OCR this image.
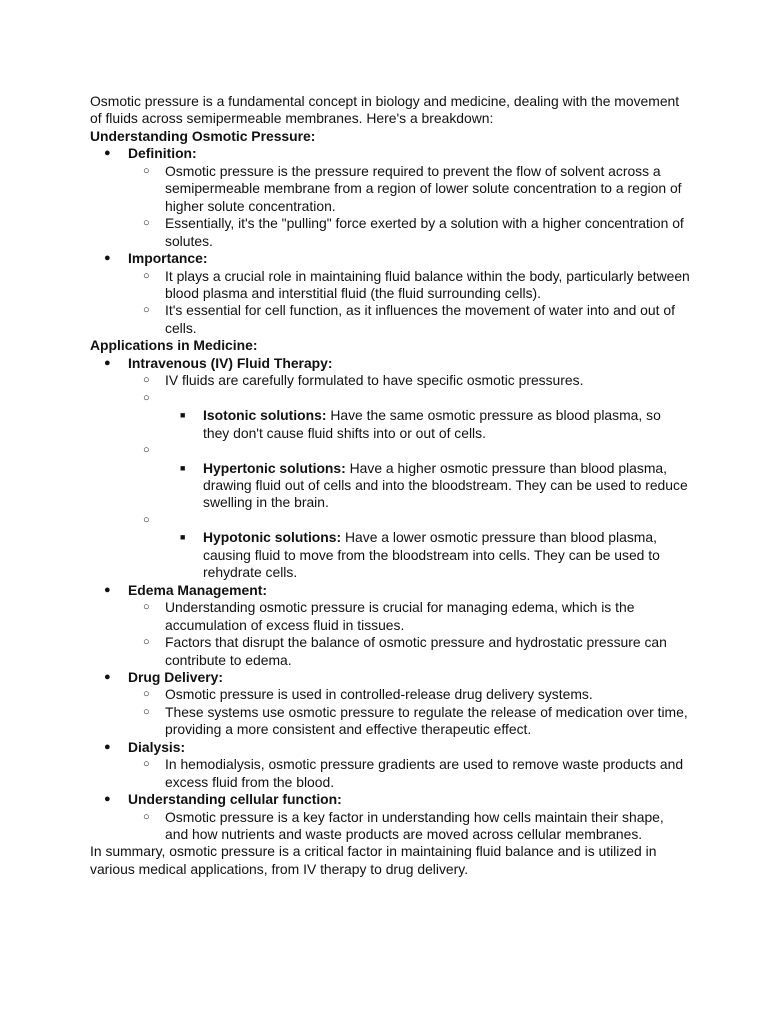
Osmotic pressure is a fundamental concept in biology and medicine, dealing with the movement of fluids across semipermeable membranes. Here's a breakdown:

Understanding Osmotic Pressure:

● Definition:
○ Osmotic pressure is the pressure required to prevent the flow of solvent across a semipermeable membrane from a region of lower solute concentration to a region of higher solute concentration.
○ Essentially, it's the "pulling" force exerted by a solution with a higher concentration of solutes.
● Importance:
○ It plays a crucial role in maintaining fluid balance within the body, particularly between blood plasma and interstitial fluid (the fluid surrounding cells).
○ It's essential for cell function, as it influences the movement of water into and out of cells.

Applications in Medicine:

● Intravenous (IV) Fluid Therapy:
○ IV fluids are carefully formulated to have specific osmotic pressures.
○

■ Isotonic solutions: Have the same osmotic pressure as blood plasma, so they don't cause fluid shifts into or out of cells.
○

■ Hypertonic solutions: Have a higher osmotic pressure than blood plasma, drawing fluid out of cells and into the bloodstream. They can be used to reduce swelling in the brain.
○

■ Hypotonic solutions: Have a lower osmotic pressure than blood plasma, causing fluid to move from the bloodstream into cells. They can be used to rehydrate cells.
● Edema Management:
○ Understanding osmotic pressure is crucial for managing edema, which is the accumulation of excess fluid in tissues.
○ Factors that disrupt the balance of osmotic pressure and hydrostatic pressure can contribute to edema.
● Drug Delivery:
○ Osmotic pressure is used in controlled-release drug delivery systems.
○ These systems use osmotic pressure to regulate the release of medication over time, providing a more consistent and effective therapeutic effect.
● Dialysis:
○ In hemodialysis, osmotic pressure gradients are used to remove waste products and excess fluid from the blood.
● Understanding cellular function:
○ Osmotic pressure is a key factor in understanding how cells maintain their shape, and how nutrients and waste products are moved across cellular membranes.

In summary, osmotic pressure is a critical factor in maintaining fluid balance and is utilized in various medical applications, from IV therapy to drug delivery.
